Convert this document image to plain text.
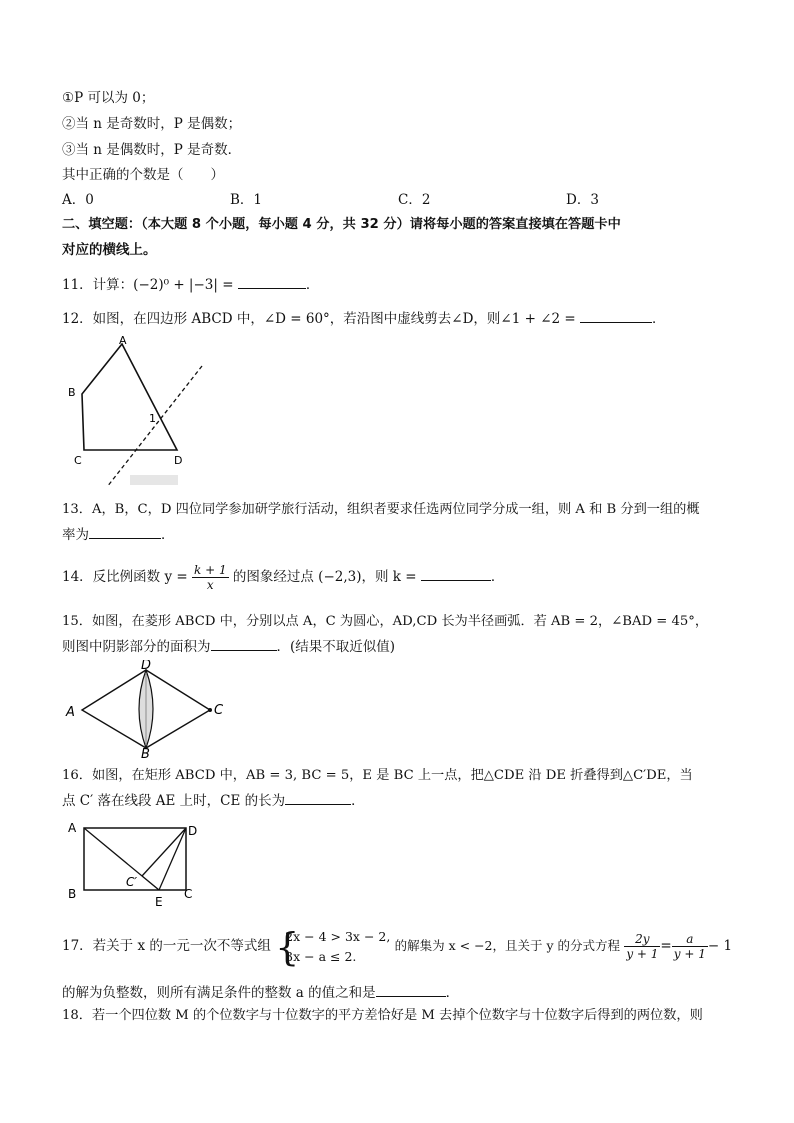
①P 可以为 0；
②当 n 是奇数时，P 是偶数；
③当 n 是偶数时，P 是奇数．
其中正确的个数是（　　）
A．0	B．1	C．2	D．3
二、填空题：（本大题 8 个小题，每小题 4 分，共 32 分）请将每小题的答案直接填在答题卡中
对应的横线上。
11．计算：(−2)⁰ + |−3| =	．
12．如图，在四边形 ABCD 中，∠D = 60°，若沿图中虚线剪去∠D，则∠1 + ∠2 =	．
A
B
C	D
1
13．A，B，C，D 四位同学参加研学旅行活动，组织者要求任选两位同学分成一组，则 A 和 B 分到一组的概
率为	．
14．反比例函数 $y = \frac{k + 1}{x}$ 的图象经过点 (−2,3)，则 k =	．
15．如图，在菱形 ABCD 中，分别以点 A，C 为圆心，AD,CD 长为半径画弧．若 AB = 2，∠BAD = 45°，
则图中阴影部分的面积为	．(结果不取近似值)
A
D
C
B
16．如图，在矩形 ABCD 中，AB = 3, BC = 5，E 是 BC 上一点，把△CDE 沿 DE 折叠得到△C′DE，当
点 C′ 落在线段 AE 上时，CE 的长为	．
A	D
B	C
E
C′
17．若关于 x 的一元一次不等式组 {
2x − 4 > 3x − 2,
3x − a ≤ 2.
的解集为 x < −2，且关于 y 的分式方程 $\frac{2y}{y + 1} = \frac{a}{y + 1} - 1$
的解为负整数，则所有满足条件的整数 a 的值之和是	．
18．若一个四位数 M 的个位数字与十位数字的平方差恰好是 M 去掉个位数字与十位数字后得到的两位数，则
